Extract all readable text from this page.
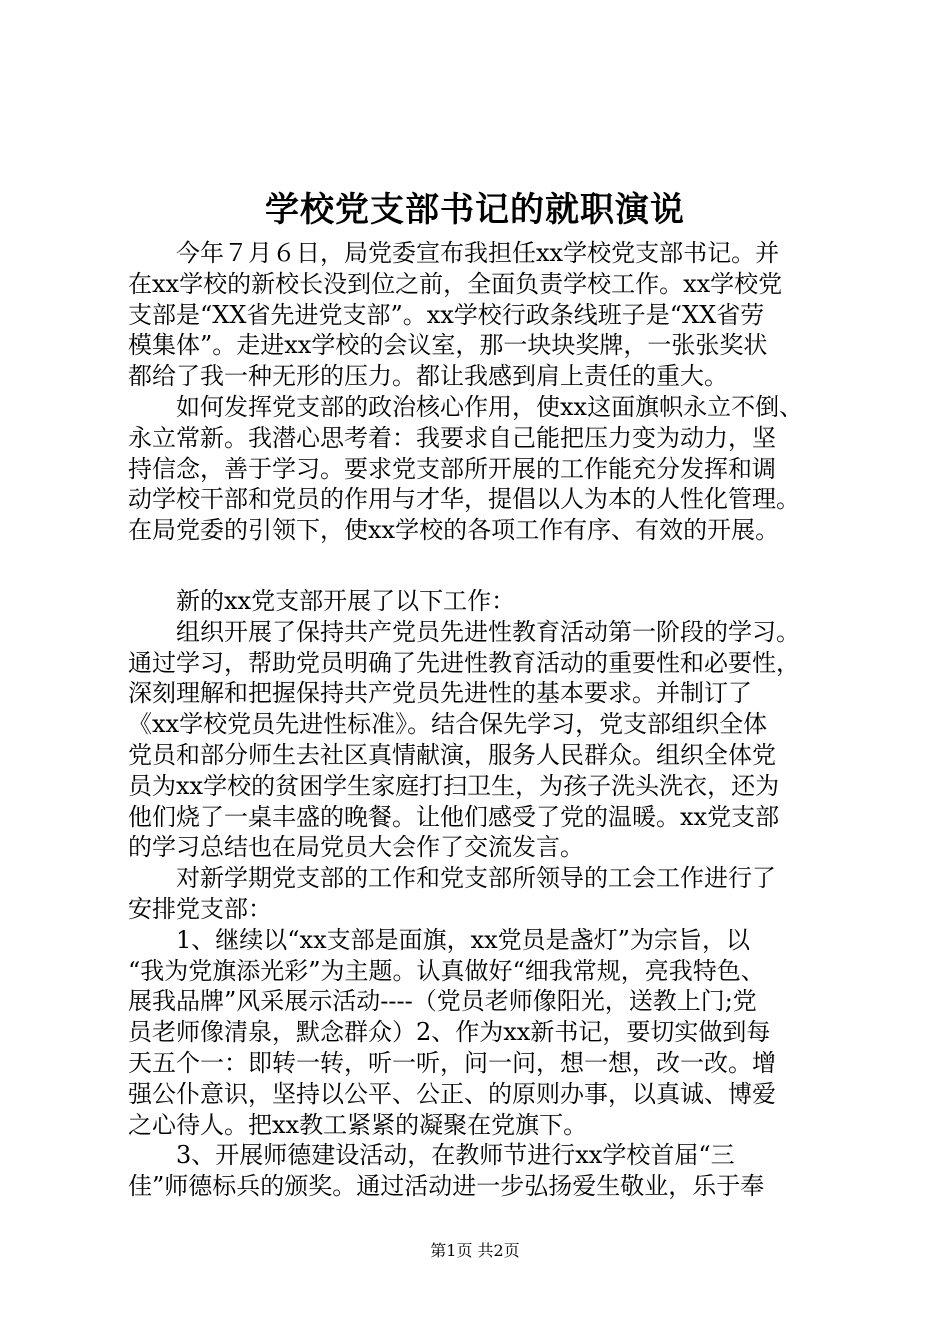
学校党支部书记的就职演说
　　今年７月６日，局党委宣布我担任xx学校党支部书记。并
在xx学校的新校长没到位之前，全面负责学校工作。xx学校党
支部是“XX省先进党支部”。xx学校行政条线班子是“XX省劳
模集体”。走进xx学校的会议室，那一块块奖牌，一张张奖状
都给了我一种无形的压力。都让我感到肩上责任的重大。
　　如何发挥党支部的政治核心作用，使xx这面旗帜永立不倒、
永立常新。我潜心思考着：我要求自己能把压力变为动力，坚
持信念，善于学习。要求党支部所开展的工作能充分发挥和调
动学校干部和党员的作用与才华，提倡以人为本的人性化管理。
在局党委的引领下，使xx学校的各项工作有序、有效的开展。
　　新的xx党支部开展了以下工作：
　　组织开展了保持共产党员先进性教育活动第一阶段的学习。
通过学习，帮助党员明确了先进性教育活动的重要性和必要性，
深刻理解和把握保持共产党员先进性的基本要求。并制订了
《xx学校党员先进性标准》。结合保先学习，党支部组织全体
党员和部分师生去社区真情献演，服务人民群众。组织全体党
员为xx学校的贫困学生家庭打扫卫生，为孩子洗头洗衣，还为
他们烧了一桌丰盛的晚餐。让他们感受了党的温暖。xx党支部
的学习总结也在局党员大会作了交流发言。
　　对新学期党支部的工作和党支部所领导的工会工作进行了
安排党支部：
　　1、继续以“xx支部是面旗，xx党员是盏灯”为宗旨，以
“我为党旗添光彩”为主题。认真做好“细我常规，亮我特色、
展我品牌”风采展示活动----（党员老师像阳光，送教上门;党
员老师像清泉，默念群众）2、作为xx新书记，要切实做到每
天五个一：即转一转，听一听，问一问，想一想，改一改。增
强公仆意识，坚持以公平、公正、的原则办事，以真诚、博爱
之心待人。把xx教工紧紧的凝聚在党旗下。
　　3、开展师德建设活动，在教师节进行xx学校首届“三
佳”师德标兵的颁奖。通过活动进一步弘扬爱生敬业，乐于奉
第1页 共2页
